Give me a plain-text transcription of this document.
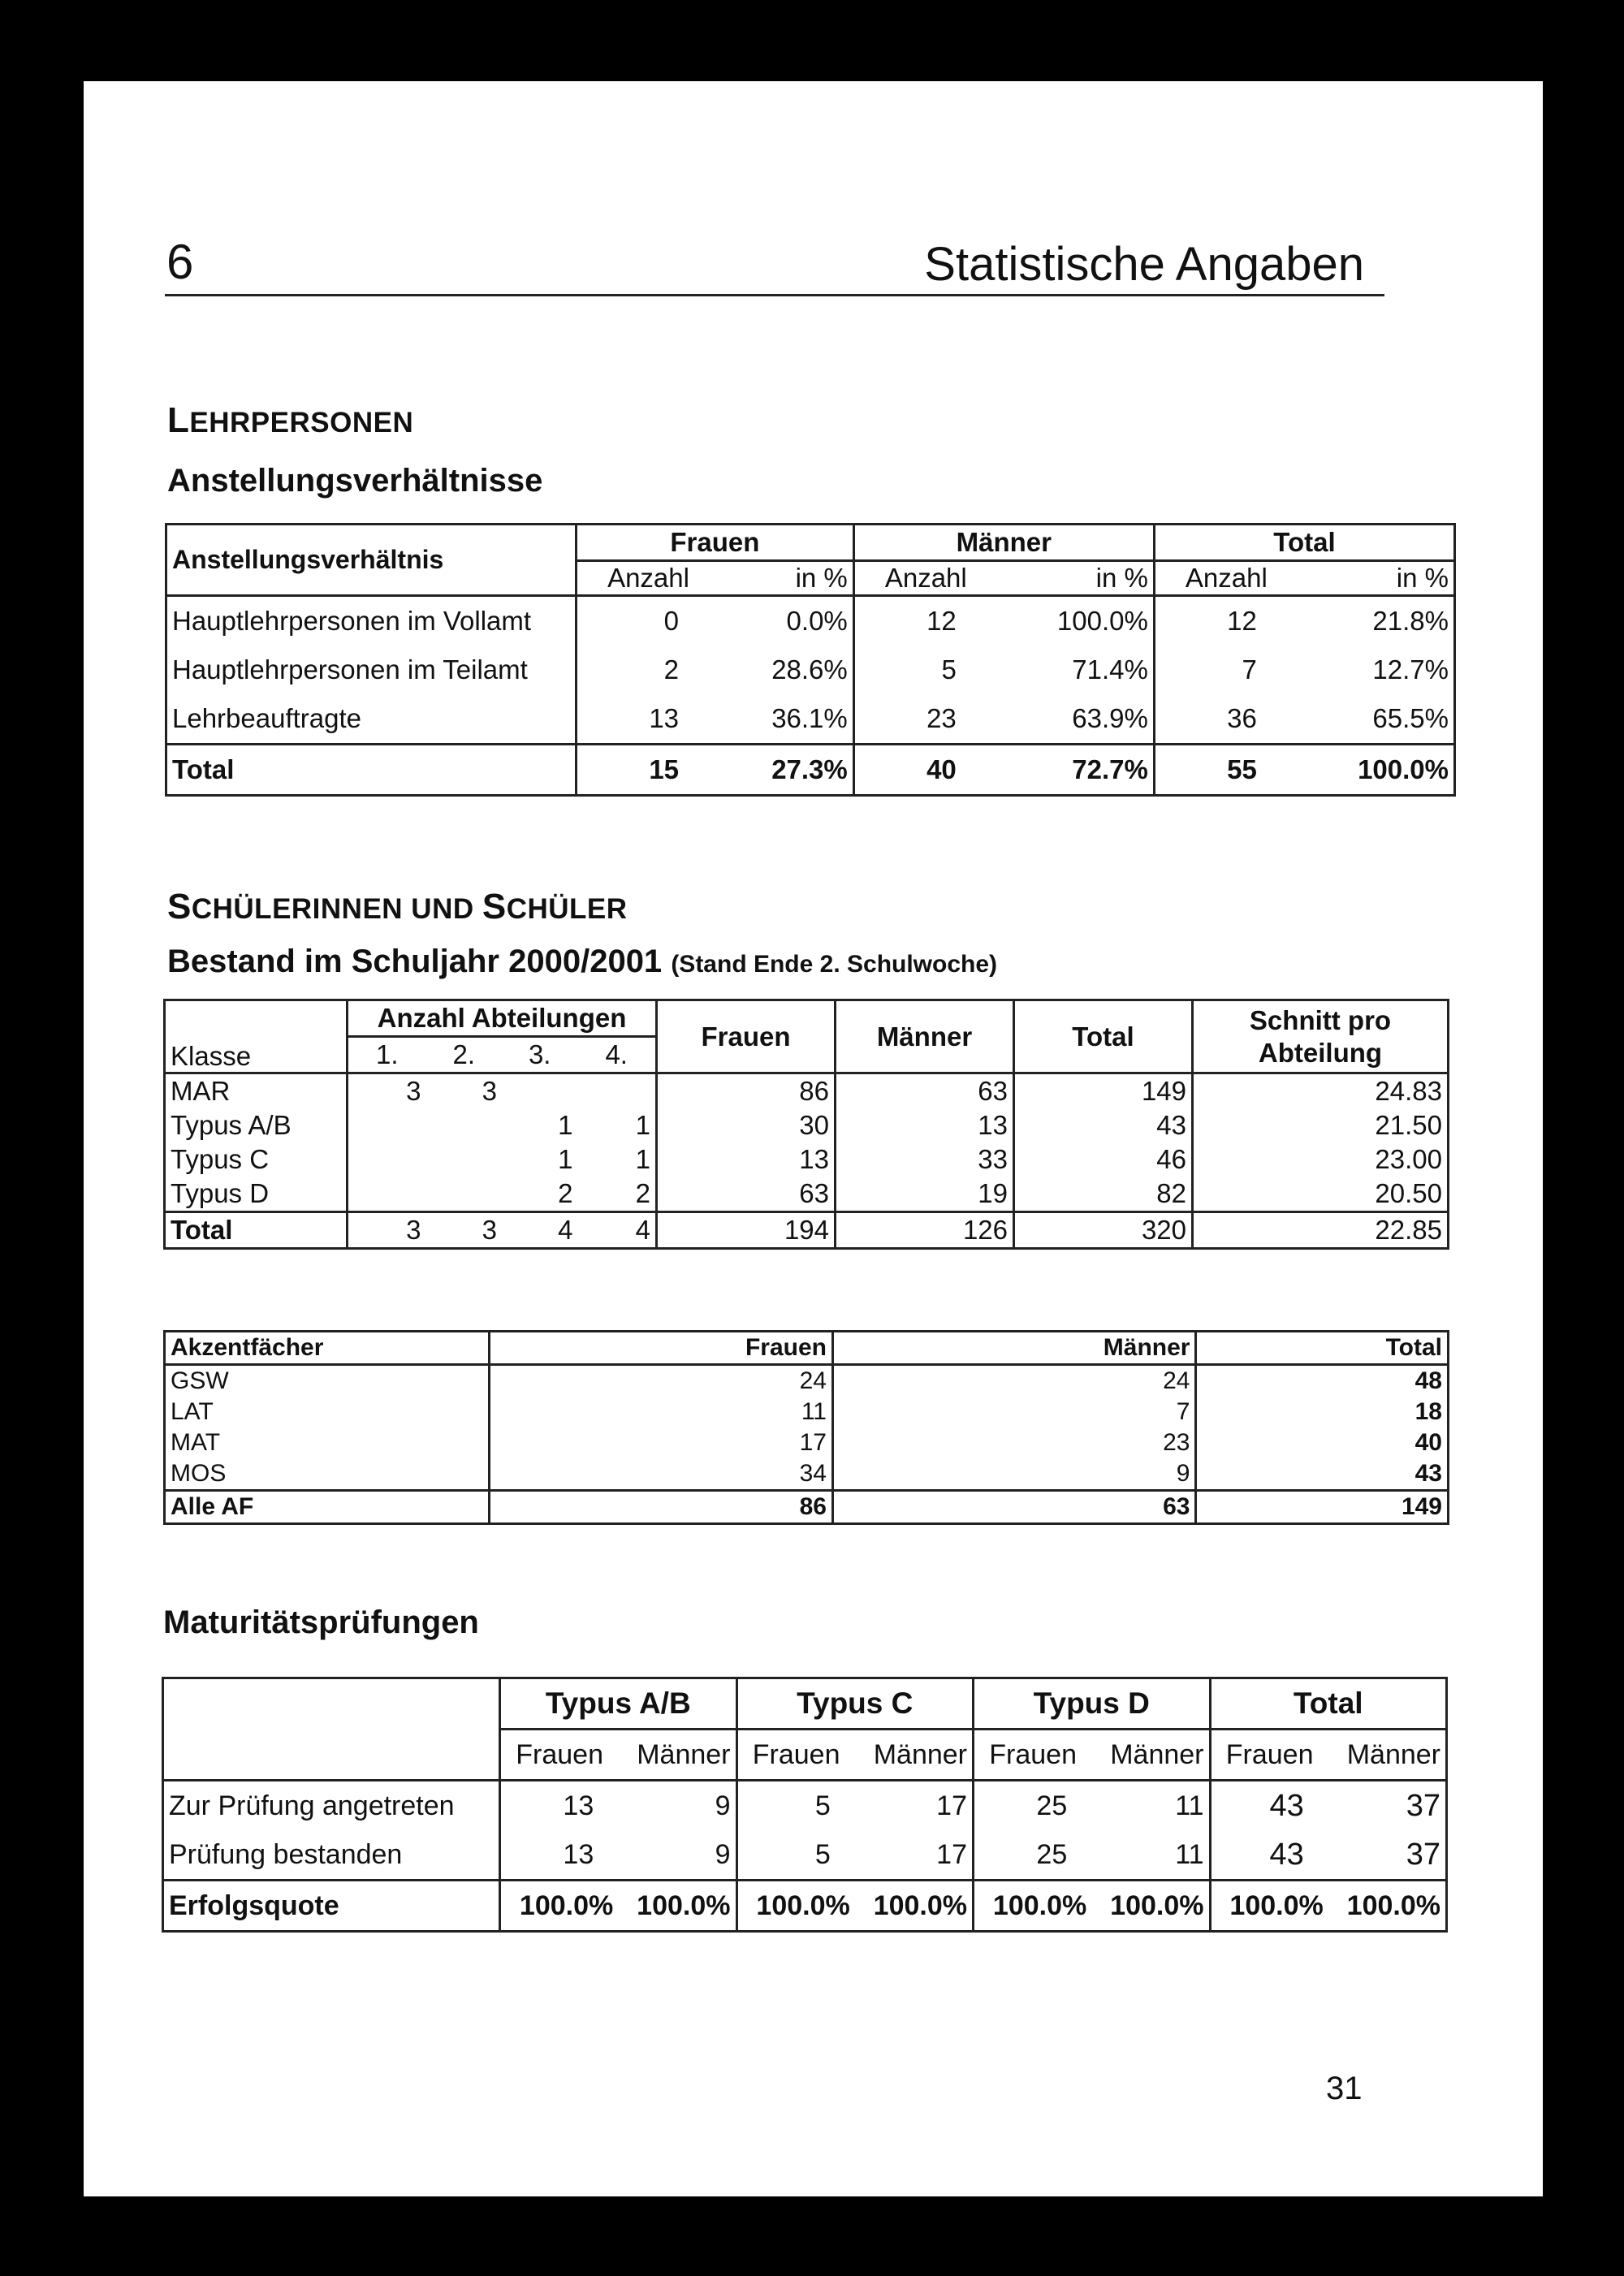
6	Statistische Angaben
LEHRPERSONEN
Anstellungsverhältnisse
Anstellungsverhältnis	Frauen		Männer		Total	
	Anzahl	in %	Anzahl	in %	Anzahl	in %
Hauptlehrpersonen im Vollamt	0	0.0%	12	100.0%	12	21.8%
Hauptlehrpersonen im Teilamt	2	28.6%	5	71.4%	7	12.7%
Lehrbeauftragte	13	36.1%	23	63.9%	36	65.5%
Total	15	27.3%	40	72.7%	55	100.0%
SCHÜLERINNEN UND SCHÜLER
Bestand im Schuljahr 2000/2001 (Stand Ende 2. Schulwoche)
Klasse	Anzahl Abteilungen				Frauen	Männer	Total	Schnitt pro
Abteilung
	1.	2.	3.	4.				
MAR	3	3			86	63	149	24.83
Typus A/B			1	1	30	13	43	21.50
Typus C			1	1	13	33	46	23.00
Typus D			2	2	63	19	82	20.50
Total	3	3	4	4	194	126	320	22.85
Akzentfächer	Frauen	Männer	Total
GSW	24	24	48
LAT	11	7	18
MAT	17	23	40
MOS	34	9	43
Alle AF	86	63	149
Maturitätsprüfungen
	Typus A/B		Typus C		Typus D		Total	
	Frauen	Männer	Frauen	Männer	Frauen	Männer	Frauen	Männer
Zur Prüfung angetreten	13	9	5	17	25	11	43	37
Prüfung bestanden	13	9	5	17	25	11	43	37
Erfolgsquote	100.0%	100.0%	100.0%	100.0%	100.0%	100.0%	100.0%	100.0%
31
